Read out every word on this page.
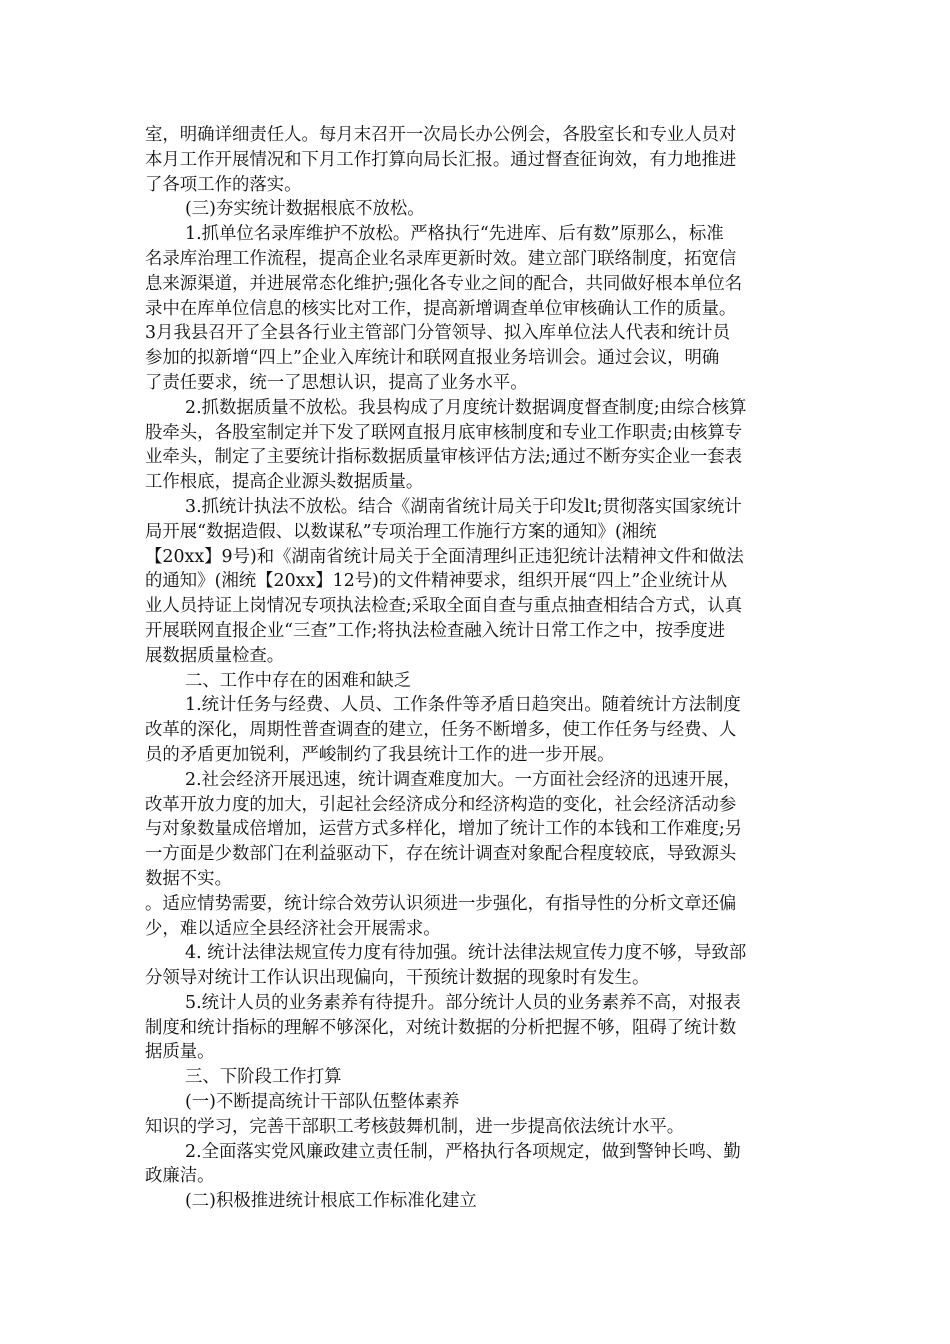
室，明确详细责任人。每月末召开一次局长办公例会，各股室长和专业人员对
本月工作开展情况和下月工作打算向局长汇报。通过督查征询效，有力地推进
了各项工作的落实。
(三)夯实统计数据根底不放松。
1.抓单位名录库维护不放松。严格执行“先进库、后有数”原那么，标准
名录库治理工作流程，提高企业名录库更新时效。建立部门联络制度，拓宽信
息来源渠道，并进展常态化维护;强化各专业之间的配合，共同做好根本单位名
录中在库单位信息的核实比对工作，提高新增调查单位审核确认工作的质量。
3月我县召开了全县各行业主管部门分管领导、拟入库单位法人代表和统计员
参加的拟新增“四上”企业入库统计和联网直报业务培训会。通过会议，明确
了责任要求，统一了思想认识，提高了业务水平。
2.抓数据质量不放松。我县构成了月度统计数据调度督查制度;由综合核算
股牵头，各股室制定并下发了联网直报月底审核制度和专业工作职责;由核算专
业牵头，制定了主要统计指标数据质量审核评估方法;通过不断夯实企业一套表
工作根底，提高企业源头数据质量。
3.抓统计执法不放松。结合《湖南省统计局关于印发lt;贯彻落实国家统计
局开展“数据造假、以数谋私”专项治理工作施行方案的通知》(湘统
【20xx】9号)和《湖南省统计局关于全面清理纠正违犯统计法精神文件和做法
的通知》(湘统【20xx】12号)的文件精神要求，组织开展“四上”企业统计从
业人员持证上岗情况专项执法检查;采取全面自查与重点抽查相结合方式，认真
开展联网直报企业“三查”工作;将执法检查融入统计日常工作之中，按季度进
展数据质量检查。
二、工作中存在的困难和缺乏
1.统计任务与经费、人员、工作条件等矛盾日趋突出。随着统计方法制度
改革的深化，周期性普查调查的建立，任务不断增多，使工作任务与经费、人
员的矛盾更加锐利，严峻制约了我县统计工作的进一步开展。
2.社会经济开展迅速，统计调查难度加大。一方面社会经济的迅速开展，
改革开放力度的加大，引起社会经济成分和经济构造的变化，社会经济活动参
与对象数量成倍增加，运营方式多样化，增加了统计工作的本钱和工作难度;另
一方面是少数部门在利益驱动下，存在统计调查对象配合程度较底，导致源头
数据不实。
。适应情势需要，统计综合效劳认识须进一步强化，有指导性的分析文章还偏
少，难以适应全县经济社会开展需求。
4. 统计法律法规宣传力度有待加强。统计法律法规宣传力度不够，导致部
分领导对统计工作认识出现偏向，干预统计数据的现象时有发生。
5.统计人员的业务素养有待提升。部分统计人员的业务素养不高，对报表
制度和统计指标的理解不够深化，对统计数据的分析把握不够，阻碍了统计数
据质量。
三、下阶段工作打算
(一)不断提高统计干部队伍整体素养
知识的学习，完善干部职工考核鼓舞机制，进一步提高依法统计水平。
2.全面落实党风廉政建立责任制，严格执行各项规定，做到警钟长鸣、勤
政廉洁。
(二)积极推进统计根底工作标准化建立
